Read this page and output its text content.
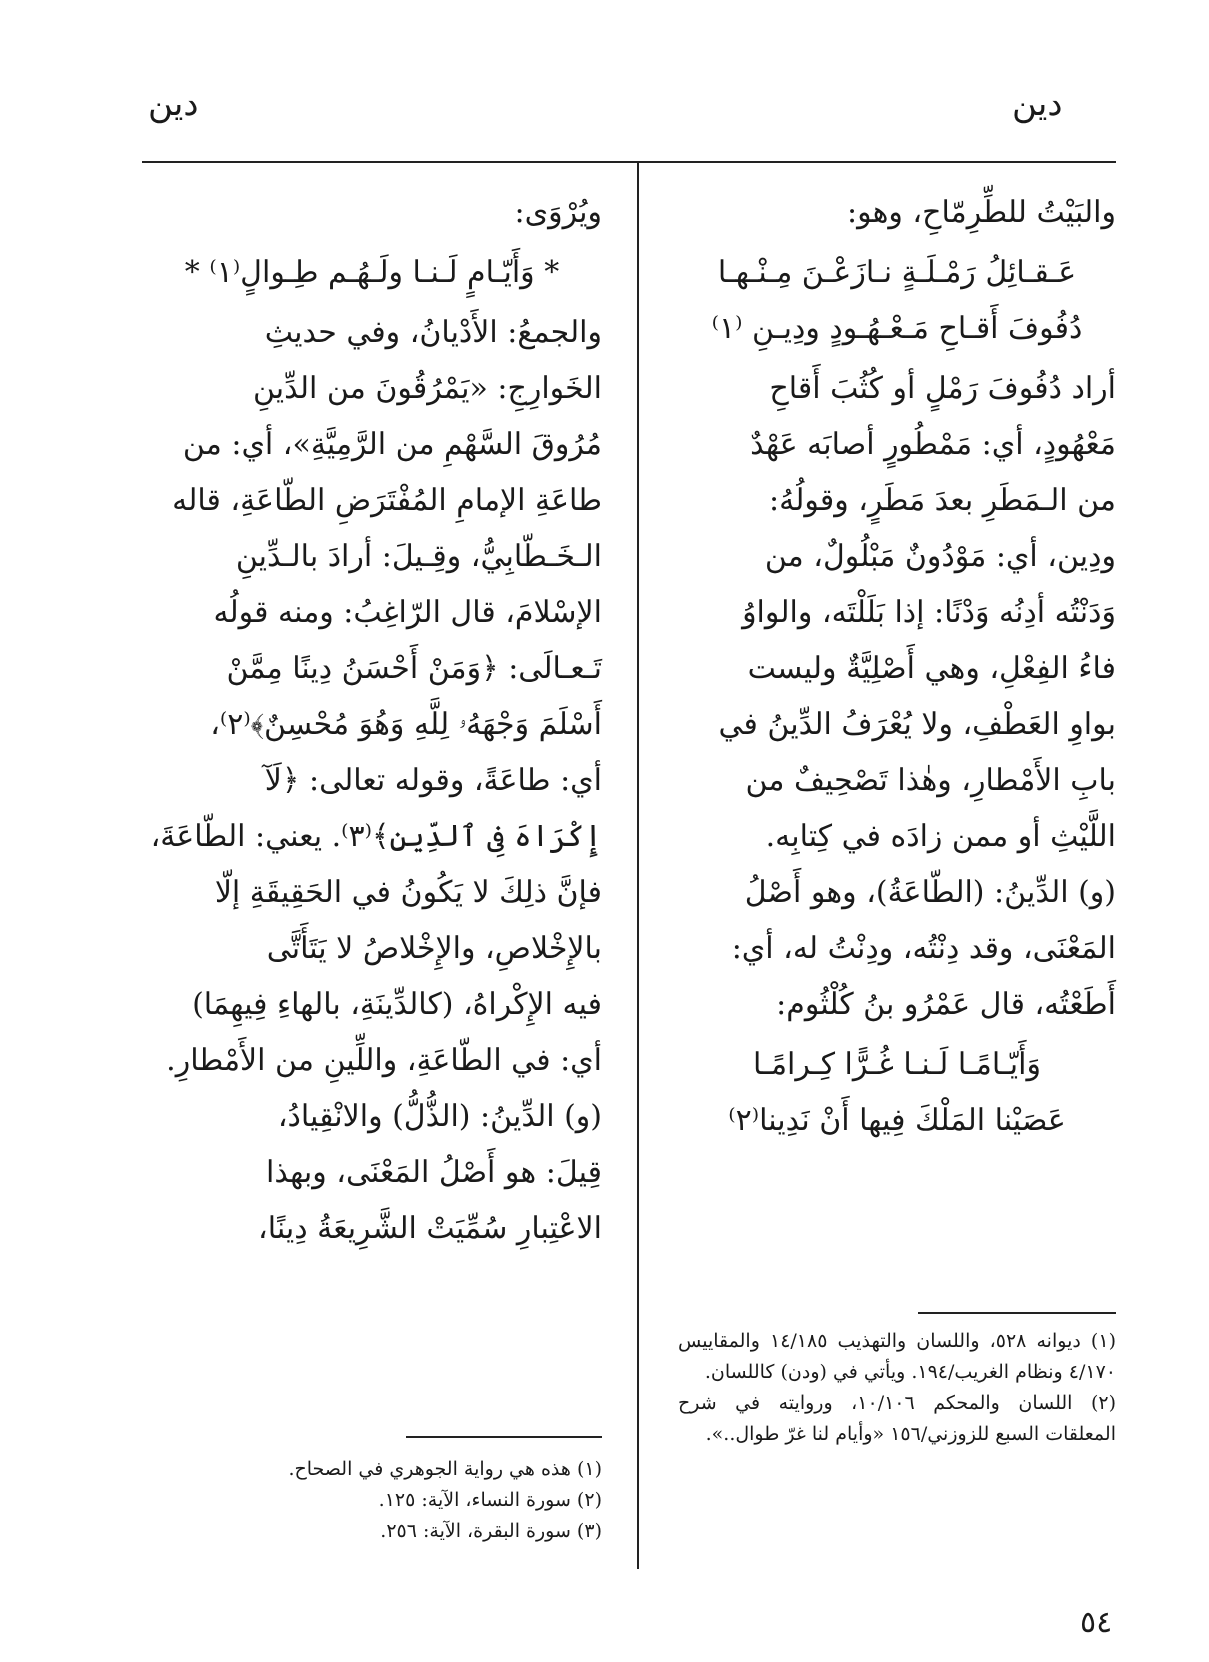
دين
دين

والبَيْتُ للطِّرِمّاحِ، وهو:

عَـقـائِلُ رَمْـلَـةٍ نـازَعْـنَ مِـنْـهـا
دُفُوفَ أَقـاحِ مَـعْـهُـودٍ ودِيـنِ ⁽١⁾

أراد دُفُوفَ رَمْلٍ أو كُثُبَ أَقاحِ

مَعْهُودٍ، أي: مَمْطُورٍ أصابَه عَهْدٌ

من الـمَطَرِ بعدَ مَطَرٍ، وقولُهُ:

ودِين، أي: مَوْدُونٌ مَبْلُولٌ، من

وَدَنْتُه أدِنُه وَدْنًا: إذا بَلَلْتَه، والواوُ

فاءُ الفِعْلِ، وهي أَصْلِيَّةٌ وليست

بواوِ العَطْفِ، ولا يُعْرَفُ الدِّينُ في

بابِ الأَمْطارِ، وهٰذا تَصْحِيفٌ من

اللَّيْثِ أو ممن زادَه في كِتابِه.

(و) الدِّينُ: (الطّاعَةُ)، وهو أَصْلُ

المَعْنَى، وقد دِنْتُه، ودِنْتُ له، أي:

أَطَعْتُه، قال عَمْرُو بنُ كُلْثُوم:

وَأَيّـامًـا لَـنـا غُـرًّا كِـرامًـا
عَصَيْنا المَلْكَ فِيها أَنْ نَدِينا⁽٢⁾

ويُرْوَى:

* وَأَيّـامٍ لَـنـا ولَـهُـم طِـوالٍ⁽١⁾ *

والجمعُ: الأَدْيانُ، وفي حديثِ

الخَوارِجِ: «يَمْرُقُونَ من الدِّينِ

مُرُوقَ السَّهْمِ من الرَّمِيَّةِ»، أي: من

طاعَةِ الإمامِ المُفْتَرَضِ الطّاعَةِ، قاله

الـخَـطّابِيُّ، وقِـيلَ: أرادَ بالـدِّينِ

الإسْلامَ، قال الرّاغِبُ: ومنه قولُه

تَـعـالَى: ﴿وَمَنْ أَحْسَنُ دِينًا مِمَّنْ

أَسْلَمَ وَجْهَهُۥ لِلَّهِ وَهُوَ مُحْسِنٌ﴾⁽٢⁾،

أي: طاعَةً، وقوله تعالى: ﴿لَآ

إِكْرَاهَ فِى ٱلدِّينِ﴾⁽٣⁾. يعني: الطّاعَةَ،

فإنَّ ذلِكَ لا يَكُونُ في الحَقِيقَةِ إلّا

بالإِخْلاصِ، والإِخْلاصُ لا يَتَأَتَّى

فيه الإِكْراهُ، (كالدِّينَةِ، بالهاءِ فِيهِمَا)

أي: في الطّاعَةِ، واللِّينِ من الأَمْطارِ.

(و) الدِّينُ: (الذُّلُّ) والانْقِيادُ،

قِيلَ: هو أَصْلُ المَعْنَى، وبهذا

الاعْتِبارِ سُمِّيَتْ الشَّرِيعَةُ دِينًا،

(١) ديوانه ٥٢٨، واللسان والتهذيب ١٤/١٨٥ والمقاييس ٤/١٧٠ ونظام الغريب/١٩٤. ويأتي في (ودن) كاللسان.
(٢) اللسان والمحكم ١٠/١٠٦، وروايته في شرح المعلقات السبع للزوزني/١٥٦ «وأيام لنا غرّ طوال..».
(١) هذه هي رواية الجوهري في الصحاح.
(٢) سورة النساء، الآية: ١٢٥.
(٣) سورة البقرة، الآية: ٢٥٦.
٥٤
